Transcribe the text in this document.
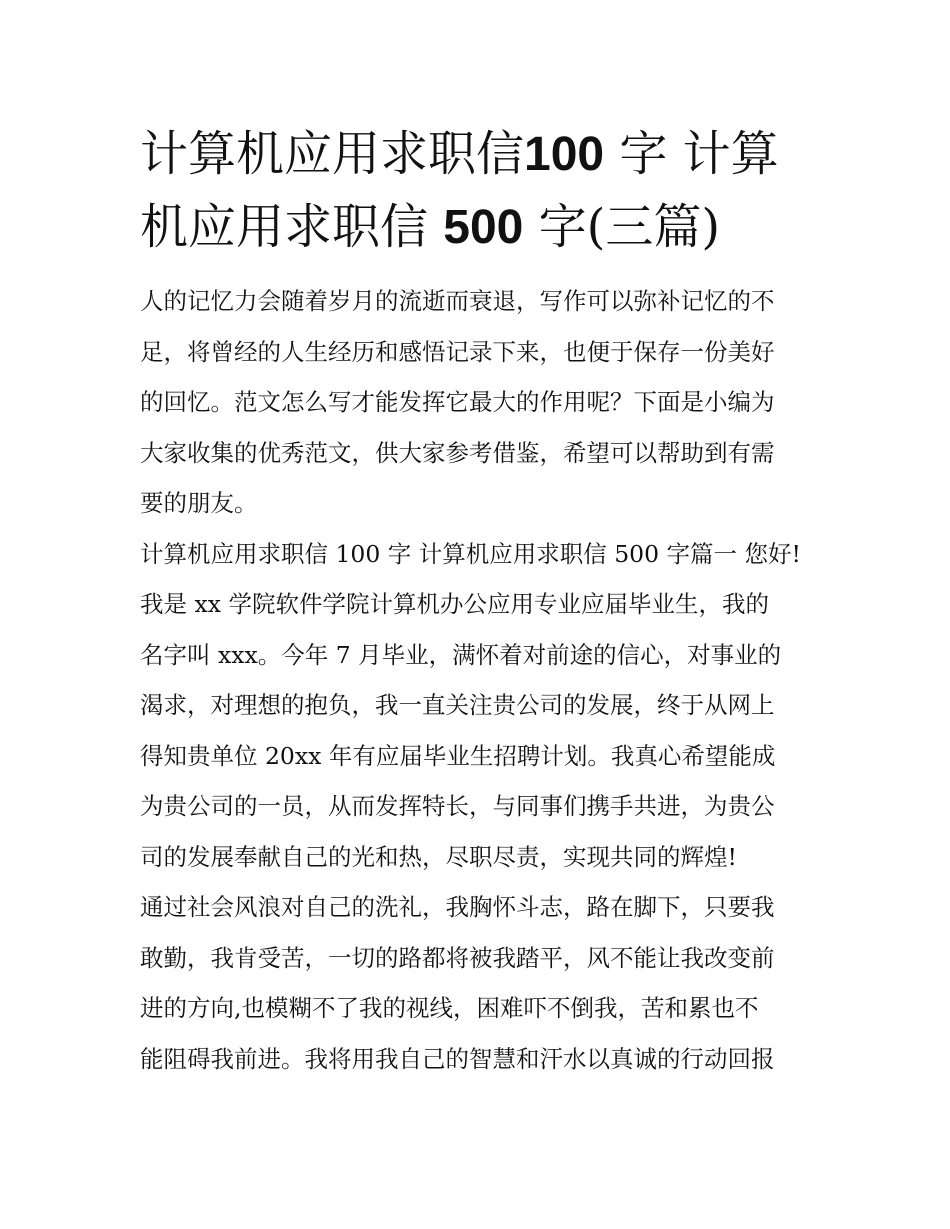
计算机应用求职信100 字 计算机应用求职信 500 字(三篇)

人的记忆力会随着岁月的流逝而衰退，写作可以弥补记忆的不
足，将曾经的人生经历和感悟记录下来，也便于保存一份美好
的回忆。范文怎么写才能发挥它最大的作用呢？下面是小编为
大家收集的优秀范文，供大家参考借鉴，希望可以帮助到有需
要的朋友。

计算机应用求职信 100 字 计算机应用求职信 500 字篇一 您好!
我是 xx 学院软件学院计算机办公应用专业应届毕业生，我的
名字叫 xxx。今年 7 月毕业，满怀着对前途的信心，对事业的
渴求，对理想的抱负，我一直关注贵公司的发展，终于从网上
得知贵单位 20xx 年有应届毕业生招聘计划。我真心希望能成
为贵公司的一员，从而发挥特长，与同事们携手共进，为贵公
司的发展奉献自己的光和热，尽职尽责，实现共同的辉煌!

通过社会风浪对自己的洗礼，我胸怀斗志，路在脚下，只要我
敢勤，我肯受苦，一切的路都将被我踏平，风不能让我改变前
进的方向,也模糊不了我的视线，困难吓不倒我，苦和累也不
能阻碍我前进。我将用我自己的智慧和汗水以真诚的行动回报
